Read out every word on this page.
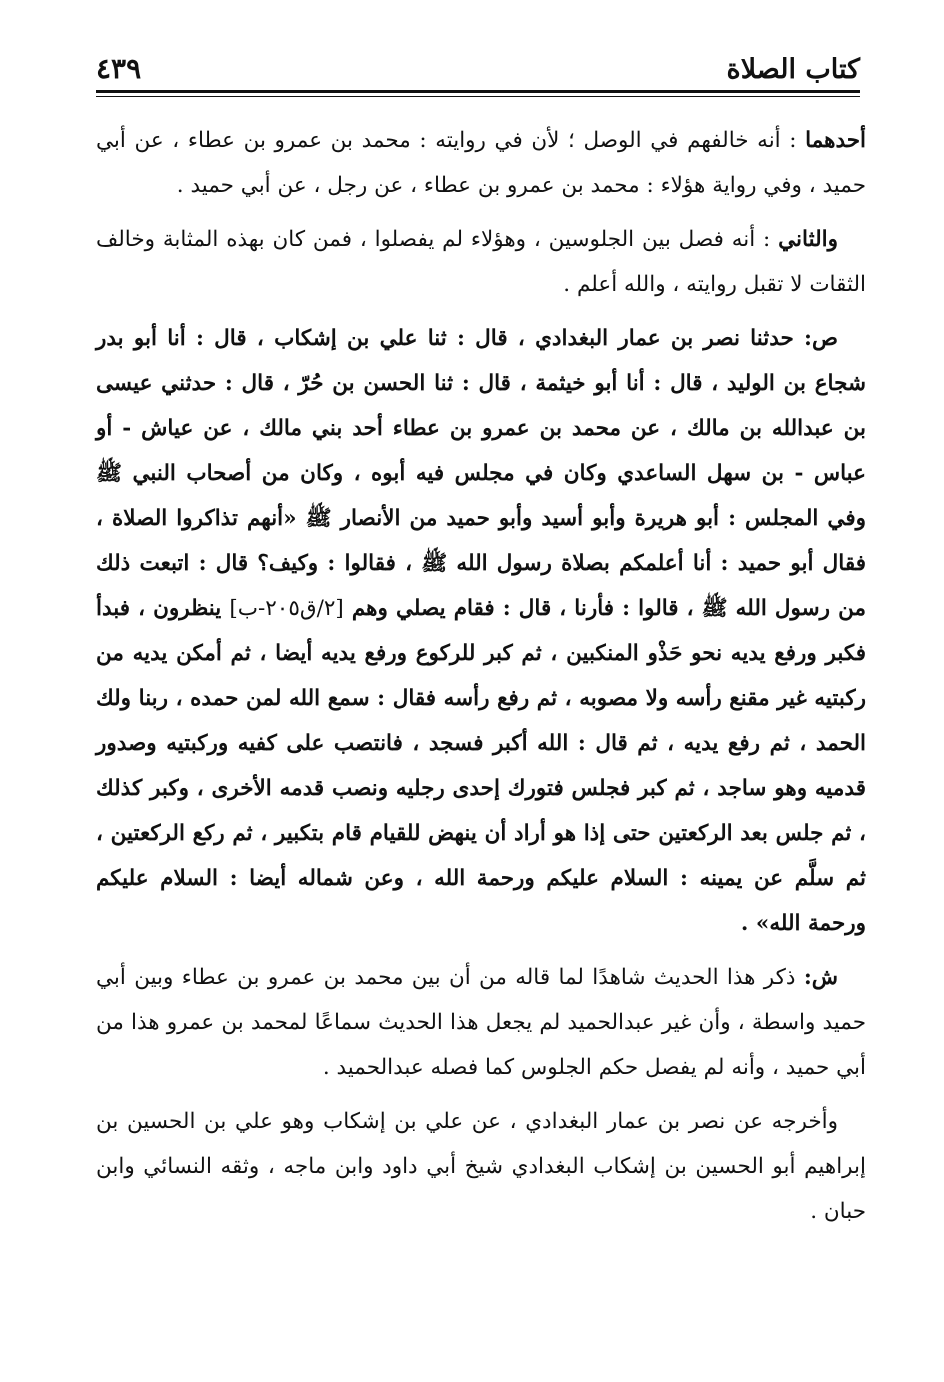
كتاب الصلاة
٤٣٩

أحدهما : أنه خالفهم في الوصل ؛ لأن في روايته : محمد بن عمرو بن عطاء ، عن أبي حميد ، وفي رواية هؤلاء : محمد بن عمرو بن عطاء ، عن رجل ، عن أبي حميد .

والثاني : أنه فصل بين الجلوسين ، وهؤلاء لم يفصلوا ، فمن كان بهذه المثابة وخالف الثقات لا تقبل روايته ، والله أعلم .

ص: حدثنا نصر بن عمار البغدادي ، قال : ثنا علي بن إشكاب ، قال : أنا أبو بدر شجاع بن الوليد ، قال : أنا أبو خيثمة ، قال : ثنا الحسن بن حُرّ ، قال : حدثني عيسى بن عبدالله بن مالك ، عن محمد بن عمرو بن عطاء أحد بني مالك ، عن عياش - أو عباس - بن سهل الساعدي وكان في مجلس فيه أبوه ، وكان من أصحاب النبي ﷺ وفي المجلس : أبو هريرة وأبو أسيد وأبو حميد من الأنصار ﷺ «أنهم تذاكروا الصلاة ، فقال أبو حميد : أنا أعلمكم بصلاة رسول الله ﷺ ، فقالوا : وكيف؟ قال : اتبعت ذلك من رسول الله ﷺ ، قالوا : فأرنا ، قال : فقام يصلي وهم [٢/ق٢٠٥-ب] ينظرون ، فبدأ فكبر ورفع يديه نحو حَذْو المنكبين ، ثم كبر للركوع ورفع يديه أيضا ، ثم أمكن يديه من ركبتيه غير مقنع رأسه ولا مصوبه ، ثم رفع رأسه فقال : سمع الله لمن حمده ، ربنا ولك الحمد ، ثم رفع يديه ، ثم قال : الله أكبر فسجد ، فانتصب على كفيه وركبتيه وصدور قدميه وهو ساجد ، ثم كبر فجلس فتورك إحدى رجليه ونصب قدمه الأخرى ، وكبر كذلك ، ثم جلس بعد الركعتين حتى إذا هو أراد أن ينهض للقيام قام بتكبير ، ثم ركع الركعتين ، ثم سلَّم عن يمينه : السلام عليكم ورحمة الله ، وعن شماله أيضا : السلام عليكم ورحمة الله» .

ش: ذكر هذا الحديث شاهدًا لما قاله من أن بين محمد بن عمرو بن عطاء وبين أبي حميد واسطة ، وأن غير عبدالحميد لم يجعل هذا الحديث سماعًا لمحمد بن عمرو هذا من أبي حميد ، وأنه لم يفصل حكم الجلوس كما فصله عبدالحميد .

وأخرجه عن نصر بن عمار البغدادي ، عن علي بن إشكاب وهو علي بن الحسين بن إبراهيم أبو الحسين بن إشكاب البغدادي شيخ أبي داود وابن ماجه ، وثقه النسائي وابن حبان .
